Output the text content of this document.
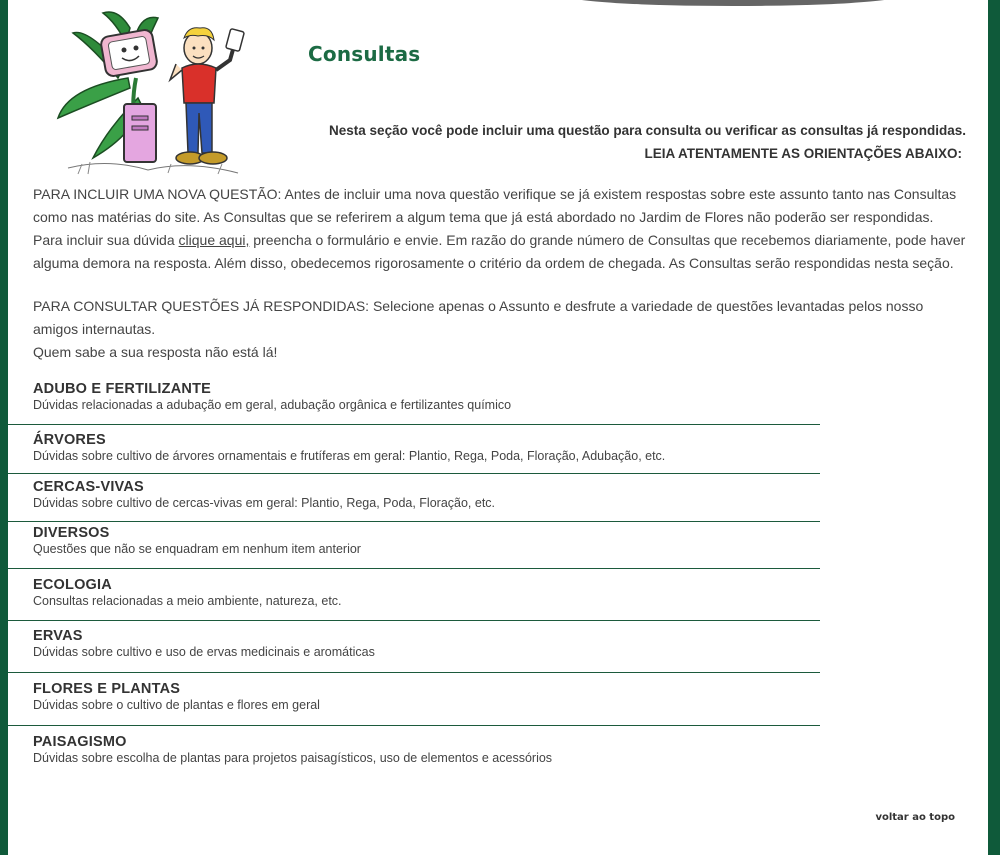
Consultas
Nesta seção você pode incluir uma questão para consulta ou verificar as consultas já respondidas.
LEIA ATENTAMENTE AS ORIENTAÇÕES ABAIXO:

PARA INCLUIR UMA NOVA QUESTÃO: Antes de incluir uma nova questão verifique se já existem respostas sobre este assunto tanto nas Consultas como nas matérias do site. As Consultas que se referirem a algum tema que já está abordado no Jardim de Flores não poderão ser respondidas.
Para incluir sua dúvida clique aqui, preencha o formulário e envie. Em razão do grande número de Consultas que recebemos diariamente, pode haver alguma demora na resposta. Além disso, obedecemos rigorosamente o critério da ordem de chegada. As Consultas serão respondidas nesta seção.

PARA CONSULTAR QUESTÕES JÁ RESPONDIDAS: Selecione apenas o Assunto e desfrute a variedade de questões levantadas pelos nosso amigos internautas.
Quem sabe a sua resposta não está lá!

ADUBO E FERTILIZANTE
Dúvidas relacionadas a adubação em geral, adubação orgânica e fertilizantes químico
ÁRVORES
Dúvidas sobre cultivo de árvores ornamentais e frutíferas em geral: Plantio, Rega, Poda, Floração, Adubação, etc.
CERCAS-VIVAS
Dúvidas sobre cultivo de cercas-vivas em geral: Plantio, Rega, Poda, Floração, etc.
DIVERSOS
Questões que não se enquadram em nenhum item anterior
ECOLOGIA
Consultas relacionadas a meio ambiente, natureza, etc.
ERVAS
Dúvidas sobre cultivo e uso de ervas medicinais e aromáticas
FLORES E PLANTAS
Dúvidas sobre o cultivo de plantas e flores em geral
PAISAGISMO
Dúvidas sobre escolha de plantas para projetos paisagísticos, uso de elementos e acessórios
voltar ao topo
